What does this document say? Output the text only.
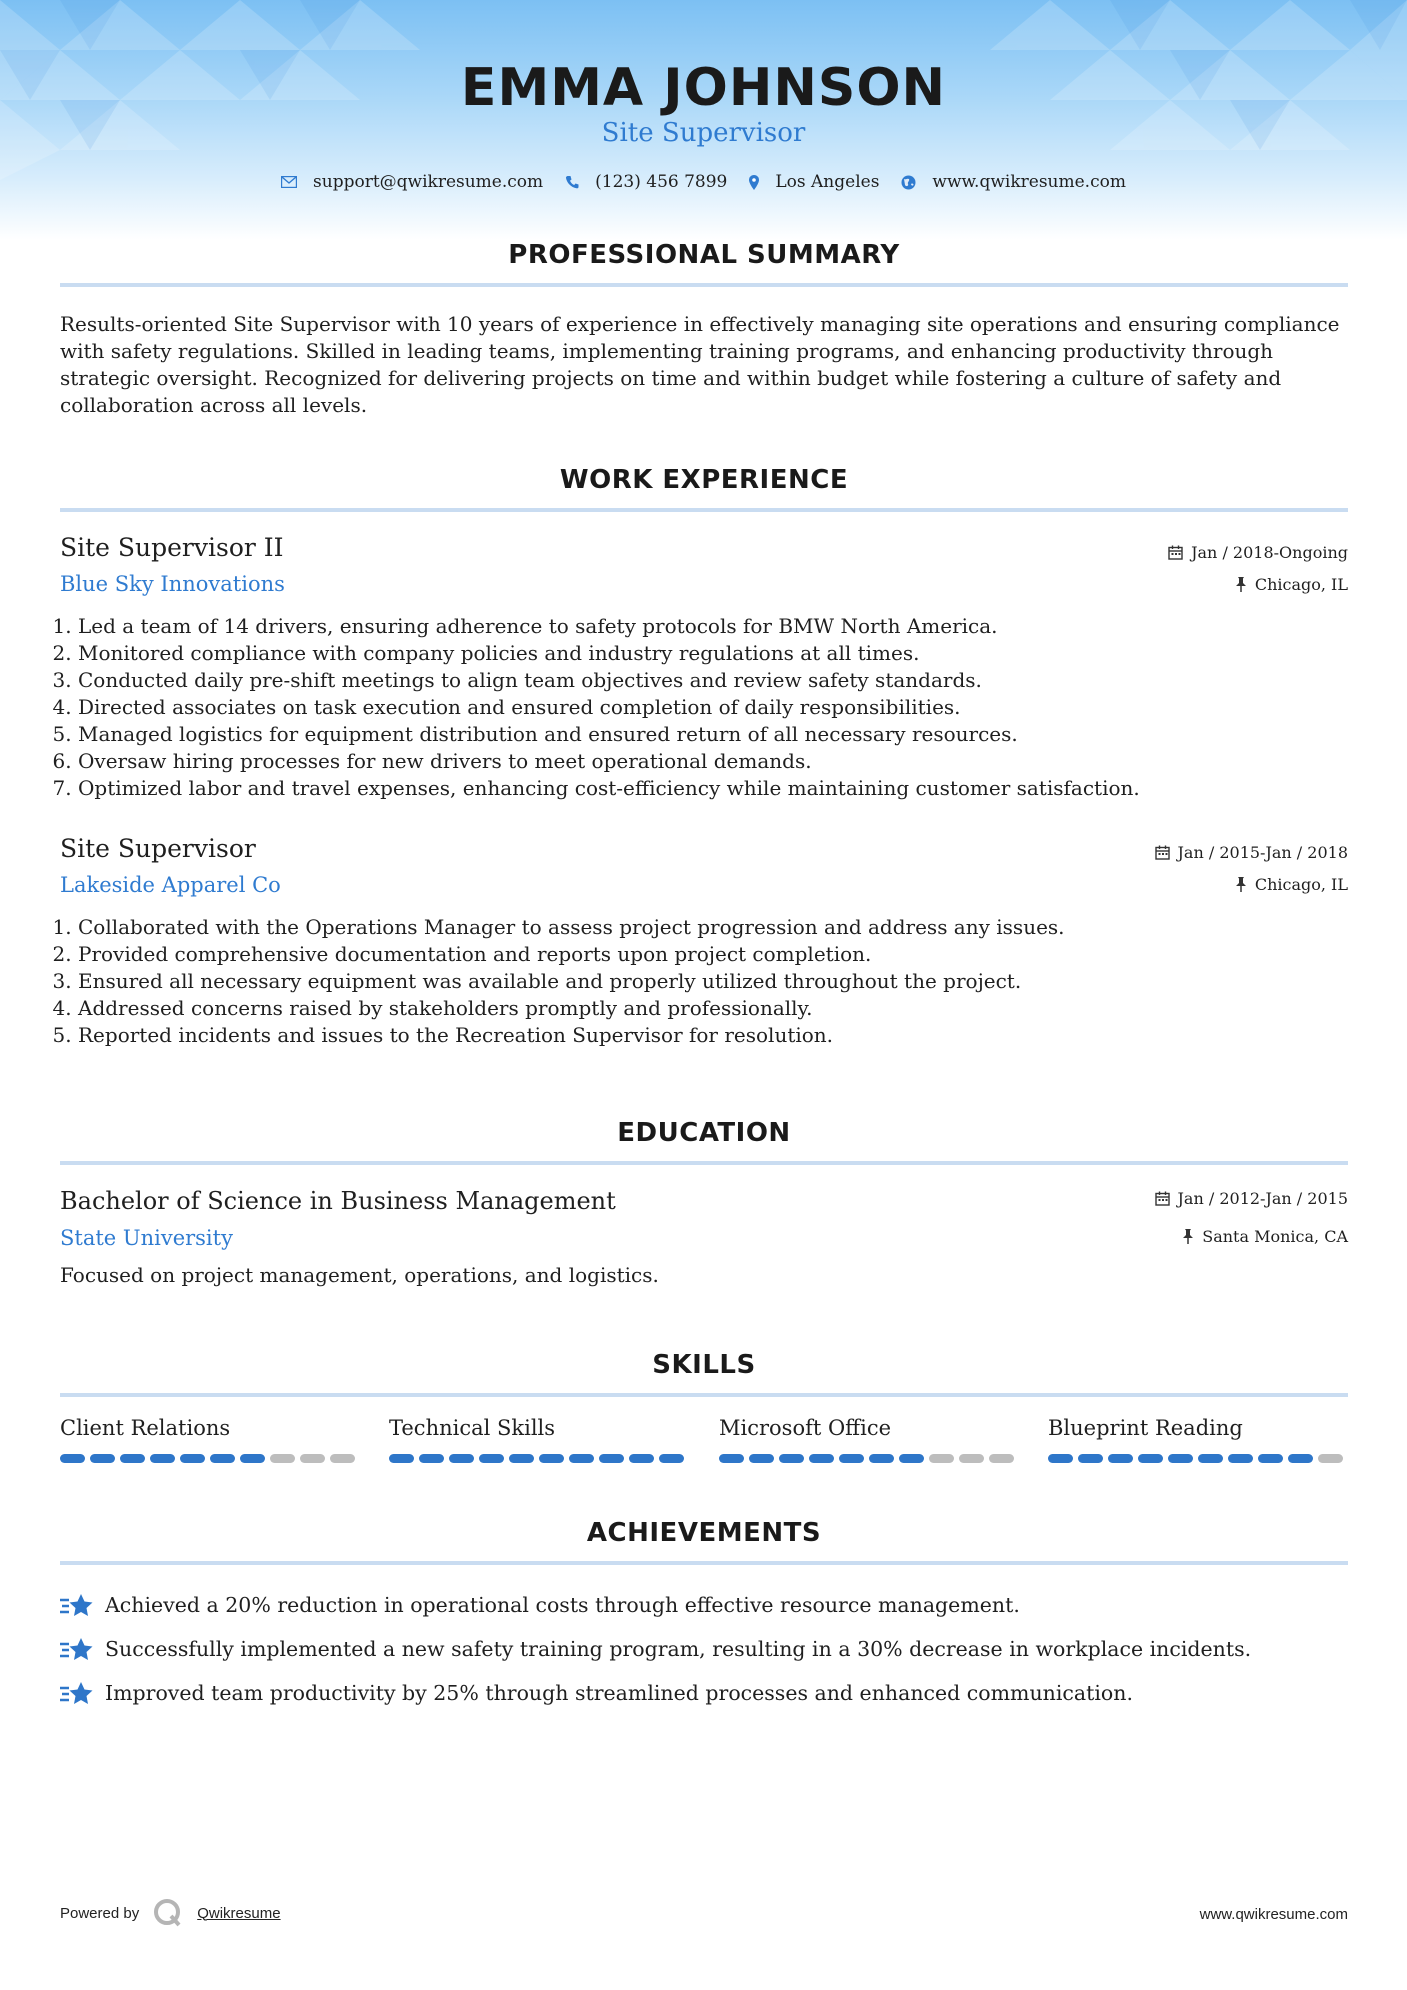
EMMA JOHNSON
Site Supervisor
support@qwikresume.com	(123) 456 7899	Los Angeles	www.qwikresume.com
PROFESSIONAL SUMMARY
Results-oriented Site Supervisor with 10 years of experience in effectively managing site operations and ensuring compliance with safety regulations. Skilled in leading teams, implementing training programs, and enhancing productivity through strategic oversight. Recognized for delivering projects on time and within budget while fostering a culture of safety and collaboration across all levels.
WORK EXPERIENCE
Site Supervisor II
Blue Sky Innovations
Jan / 2018-Ongoing
Chicago, IL
1. Led a team of 14 drivers, ensuring adherence to safety protocols for BMW North America.
2. Monitored compliance with company policies and industry regulations at all times.
3. Conducted daily pre-shift meetings to align team objectives and review safety standards.
4. Directed associates on task execution and ensured completion of daily responsibilities.
5. Managed logistics for equipment distribution and ensured return of all necessary resources.
6. Oversaw hiring processes for new drivers to meet operational demands.
7. Optimized labor and travel expenses, enhancing cost-efficiency while maintaining customer satisfaction.
Site Supervisor
Lakeside Apparel Co
Jan / 2015-Jan / 2018
Chicago, IL
1. Collaborated with the Operations Manager to assess project progression and address any issues.
2. Provided comprehensive documentation and reports upon project completion.
3. Ensured all necessary equipment was available and properly utilized throughout the project.
4. Addressed concerns raised by stakeholders promptly and professionally.
5. Reported incidents and issues to the Recreation Supervisor for resolution.
EDUCATION
Bachelor of Science in Business Management
State University
Jan / 2012-Jan / 2015
Santa Monica, CA
Focused on project management, operations, and logistics.
SKILLS
Client Relations	Technical Skills	Microsoft Office	Blueprint Reading
ACHIEVEMENTS
Achieved a 20% reduction in operational costs through effective resource management.
Successfully implemented a new safety training program, resulting in a 30% decrease in workplace incidents.
Improved team productivity by 25% through streamlined processes and enhanced communication.
Powered by	Qwikresume	www.qwikresume.com
